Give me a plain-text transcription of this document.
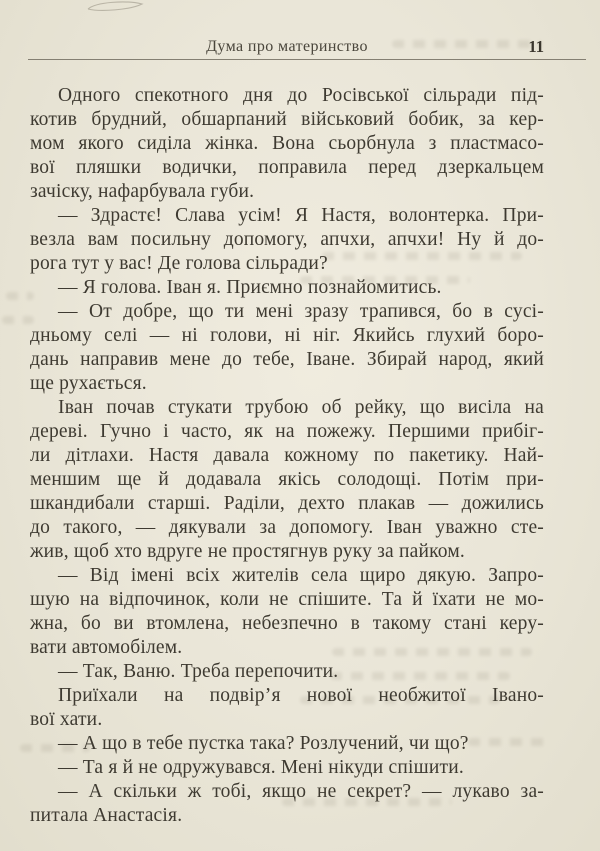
Дума про материнство	11
Одного спекотного дня до Росівської сільради під-
котив брудний, обшарпаний військовий бобик, за кер-
мом якого сиділа жінка. Вона сьорбнула з пластмасо-
вої пляшки водички, поправила перед дзеркальцем
зачіску, нафарбувала губи.
— Здрастє! Слава усім! Я Настя, волонтерка. При-
везла вам посильну допомогу, апчхи, апчхи! Ну й до-
рога тут у вас! Де голова сільради?
— Я голова. Іван я. Приємно познайомитись.
— От добре, що ти мені зразу трапився, бо в сусі-
дньому селі — ні голови, ні ніг. Якийсь глухий боро-
дань направив мене до тебе, Іване. Збирай народ, який
ще рухається.
Іван почав стукати трубою об рейку, що висіла на
дереві. Гучно і часто, як на пожежу. Першими прибіг-
ли дітлахи. Настя давала кожному по пакетику. Най-
меншим ще й додавала якісь солодощі. Потім при-
шкандибали старші. Раділи, дехто плакав — дожились
до такого, — дякували за допомогу. Іван уважно сте-
жив, щоб хто вдруге не простягнув руку за пайком.
— Від імені всіх жителів села щиро дякую. Запро-
шую на відпочинок, коли не спішите. Та й їхати не мо-
жна, бо ви втомлена, небезпечно в такому стані керу-
вати автомобілем.
— Так, Ваню. Треба перепочити.
Приїхали на подвір’я нової необжитої Івано-
вої хати.
— А що в тебе пустка така? Розлучений, чи що?
— Та я й не одружувався. Мені нікуди спішити.
— А скільки ж тобі, якщо не секрет? — лукаво за-
питала Анастасія.
